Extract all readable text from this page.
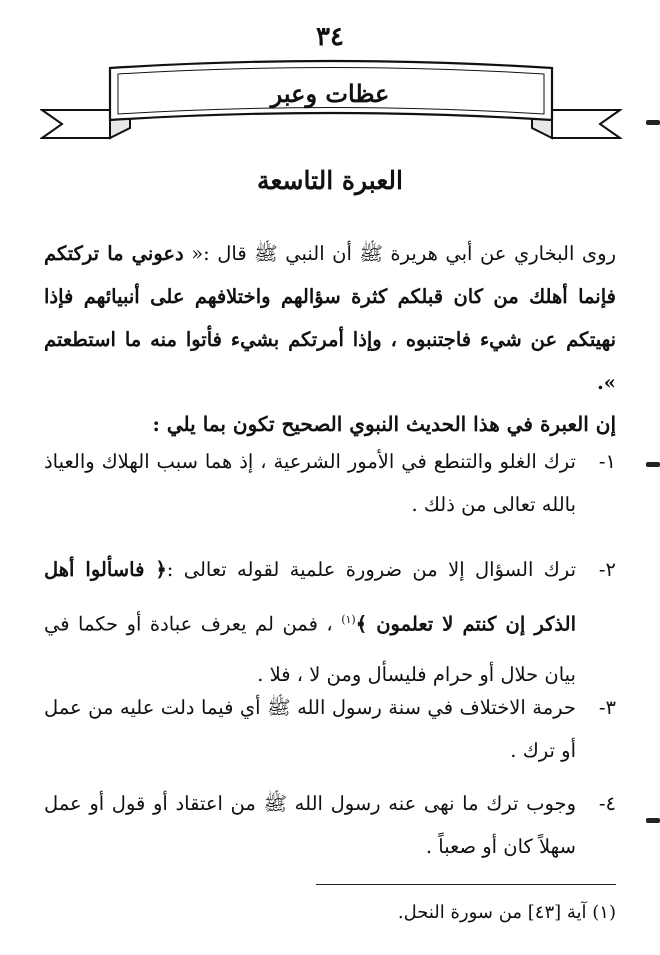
٣٤
عظات وعبر
العبرة التاسعة
روى البخاري عن أبي هريرة ﷺ أن النبي ﷺ قال :« دعوني ما تركتكم فإنما أهلك من كان قبلكم كثرة سؤالهم واختلافهم على أنبيائهم فإذا نهيتكم عن شيء فاجتنبوه ، وإذا أمرتكم بشيء فأتوا منه ما استطعتم ».
إن العبرة في هذا الحديث النبوي الصحيح تكون بما يلي :
١-
ترك الغلو والتنطع في الأمور الشرعية ، إذ هما سبب الهلاك والعياذ بالله تعالى من ذلك .
٢-
ترك السؤال إلا من ضرورة علمية لقوله تعالى :﴿ فاسألوا أهل الذكر إن كنتم لا تعلمون ﴾$^{(١)}$ ، فمن لم يعرف عبادة أو حكما في بيان حلال أو حرام فليسأل ومن لا ، فلا .
٣-
حرمة الاختلاف في سنة رسول الله ﷺ أي فيما دلت عليه من عمل أو ترك .
٤-
وجوب ترك ما نهى عنه رسول الله ﷺ من اعتقاد أو قول أو عمل سهلاً كان أو صعباً .
(١) آية [٤٣] من سورة النحل.
